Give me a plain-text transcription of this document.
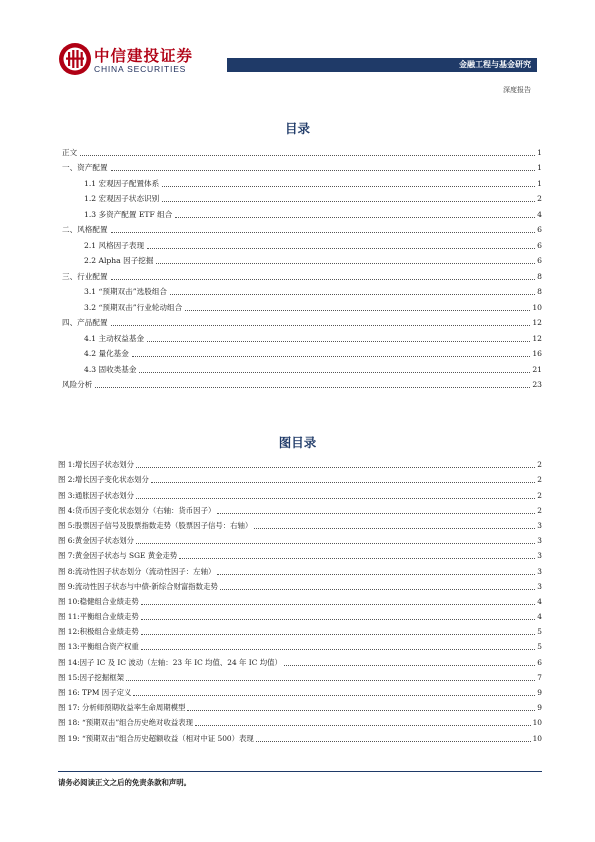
中信建投证券
CHINA SECURITIES	金融工程与基金研究
深度报告
目录
正文	1
一、资产配置	1
1.1 宏观因子配置体系	1
1.2 宏观因子状态识别	2
1.3 多资产配置 ETF 组合	4
二、风格配置	6
2.1 风格因子表现	6
2.2 Alpha 因子挖掘	6
三、行业配置	8
3.1 “预期双击”选股组合	8
3.2 “预期双击”行业轮动组合	10
四、产品配置	12
4.1 主动权益基金	12
4.2 量化基金	16
4.3 固收类基金	21
风险分析	23
图目录
图 1:增长因子状态划分	2
图 2:增长因子变化状态划分	2
图 3:通胀因子状态划分	2
图 4:货币因子变化状态划分（右轴：货币因子）	2
图 5:股票因子信号及股票指数走势（股票因子信号：右轴）	3
图 6:黄金因子状态划分	3
图 7:黄金因子状态与 SGE 黄金走势	3
图 8:流动性因子状态划分（流动性因子：左轴）	3
图 9:流动性因子状态与中债-新综合财富指数走势	3
图 10:稳健组合业绩走势	4
图 11:平衡组合业绩走势	4
图 12:积极组合业绩走势	5
图 13:平衡组合资产权重	5
图 14:因子 IC 及 IC 波动（左轴：23 年 IC 均值、24 年 IC 均值）	6
图 15:因子挖掘框架	7
图 16: TPM 因子定义	9
图 17: 分析师预期收益率生命周期模型	9
图 18: “预期双击”组合历史绝对收益表现	10
图 19: “预期双击”组合历史超额收益（相对中证 500）表现	10
请务必阅读正文之后的免责条款和声明。
